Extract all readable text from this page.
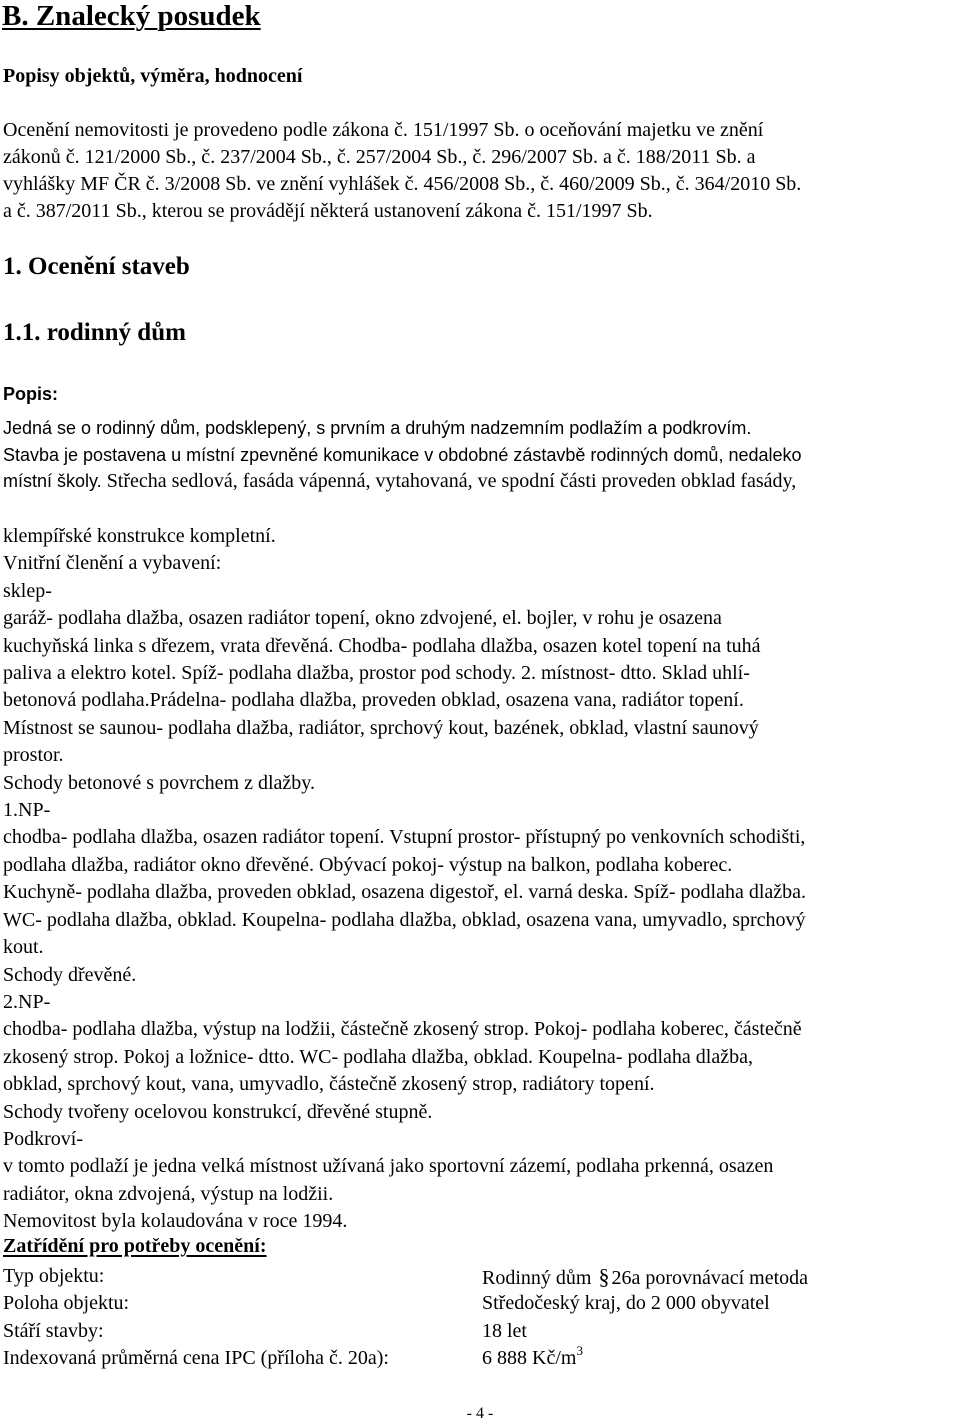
B. Znalecký posudek
Popisy objektů, výměra, hodnocení
Ocenění nemovitosti je provedeno podle zákona č. 151/1997 Sb. o oceňování majetku ve znění
zákonů č. 121/2000 Sb., č. 237/2004 Sb., č. 257/2004 Sb., č. 296/2007 Sb. a č. 188/2011 Sb. a
vyhlášky MF ČR č. 3/2008 Sb. ve znění vyhlášek č. 456/2008 Sb., č. 460/2009 Sb., č. 364/2010 Sb.
a č. 387/2011 Sb., kterou se provádějí některá ustanovení zákona č. 151/1997 Sb.
1. Ocenění staveb
1.1. rodinný dům
Popis:
Jedná se o rodinný dům, podsklepený, s prvním a druhým nadzemním podlažím a podkrovím.
Stavba je postavena u místní zpevněné komunikace v obdobné zástavbě rodinných domů, nedaleko
místní školy. Střecha sedlová, fasáda vápenná, vytahovaná, ve spodní části proveden obklad fasády,
klempířské konstrukce kompletní.
Vnitřní členění a vybavení:
sklep-
garáž- podlaha dlažba, osazen radiátor topení, okno zdvojené, el. bojler, v rohu je osazena
kuchyňská linka s dřezem, vrata dřevěná. Chodba- podlaha dlažba, osazen kotel topení na tuhá
paliva a elektro kotel. Spíž- podlaha dlažba, prostor pod schody. 2. místnost- dtto. Sklad uhlí-
betonová podlaha.Prádelna- podlaha dlažba, proveden obklad, osazena vana, radiátor topení.
Místnost se saunou- podlaha dlažba, radiátor, sprchový kout, bazének, obklad, vlastní saunový
prostor.
Schody betonové s povrchem z dlažby.
1.NP-
chodba- podlaha dlažba, osazen radiátor topení. Vstupní prostor- přístupný po venkovních schodišti,
podlaha dlažba, radiátor okno dřevěné. Obývací pokoj- výstup na balkon, podlaha koberec.
Kuchyně- podlaha dlažba, proveden obklad, osazena digestoř, el. varná deska. Spíž- podlaha dlažba.
WC- podlaha dlažba, obklad. Koupelna- podlaha dlažba, obklad, osazena vana, umyvadlo, sprchový
kout.
Schody dřevěné.
2.NP-
chodba- podlaha dlažba, výstup na lodžii, částečně zkosený strop. Pokoj- podlaha koberec, částečně
zkosený strop. Pokoj a ložnice- dtto. WC- podlaha dlažba, obklad. Koupelna- podlaha dlažba,
obklad, sprchový kout, vana, umyvadlo, částečně zkosený strop, radiátory topení.
Schody tvořeny ocelovou konstrukcí, dřevěné stupně.
Podkroví-
v tomto podlaží je jedna velká místnost užívaná jako sportovní zázemí, podlaha prkenná, osazen
radiátor, okna zdvojená, výstup na lodžii.
Nemovitost byla kolaudována v roce 1994.
Zatřídění pro potřeby ocenění:
Typ objektu:	Rodinný dům § 26a porovnávací metoda
Poloha objektu:	Středočeský kraj, do 2 000 obyvatel
Stáří stavby:	18 let
Indexovaná průměrná cena IPC (příloha č. 20a):	6 888 $Kč/m^3$
- 4 -
